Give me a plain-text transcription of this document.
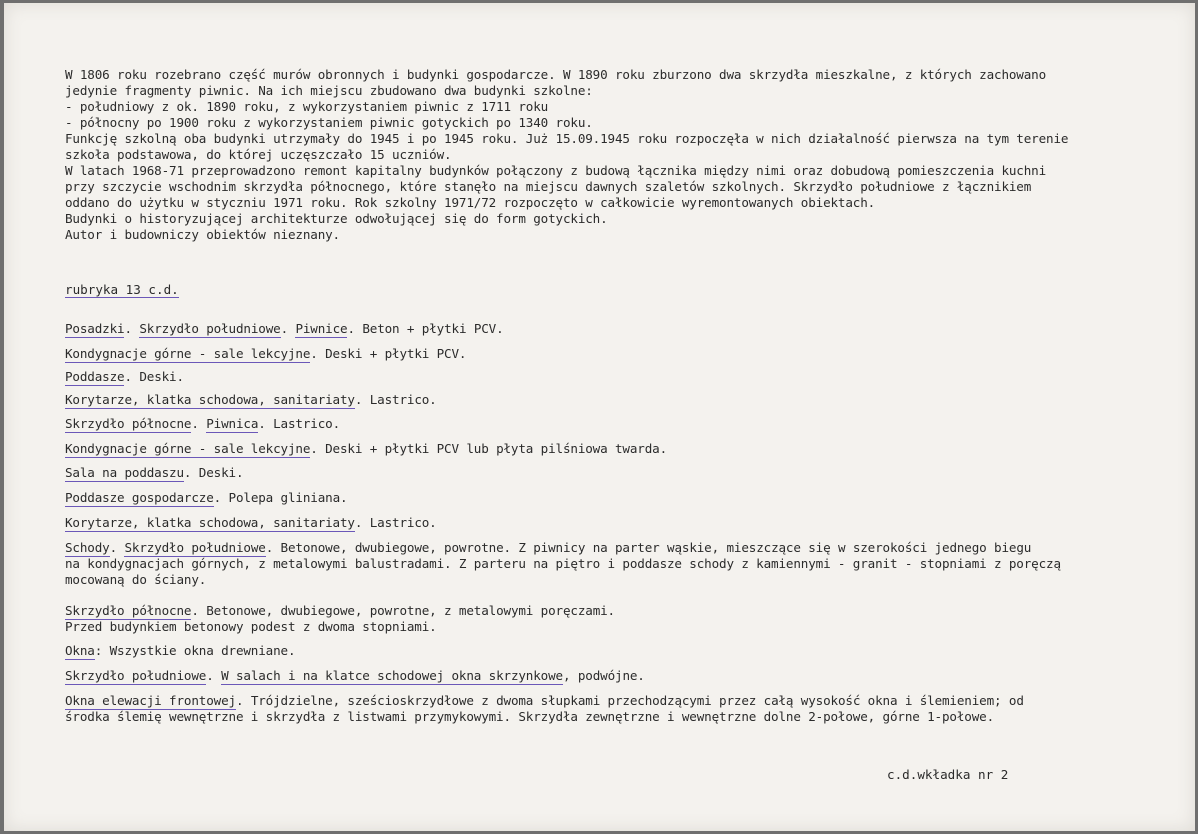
W 1806 roku rozebrano część murów obronnych i budynki gospodarcze. W 1890 roku zburzono dwa skrzydła mieszkalne, z których zachowano
jedynie fragmenty piwnic. Na ich miejscu zbudowano dwa budynki szkolne:
- południowy z ok. 1890 roku, z wykorzystaniem piwnic z 1711 roku
- północny po 1900 roku z wykorzystaniem piwnic gotyckich po 1340 roku.
Funkcję szkolną oba budynki utrzymały do 1945 i po 1945 roku. Już 15.09.1945 roku rozpoczęła w nich działalność pierwsza na tym terenie
szkoła podstawowa, do której uczęszczało 15 uczniów.
W latach 1968-71 przeprowadzono remont kapitalny budynków połączony z budową łącznika między nimi oraz dobudową pomieszczenia kuchni
przy szczycie wschodnim skrzydła północnego, które stanęło na miejscu dawnych szaletów szkolnych. Skrzydło południowe z łącznikiem
oddano do użytku w styczniu 1971 roku. Rok szkolny 1971/72 rozpoczęto w całkowicie wyremontowanych obiektach.
Budynki o historyzującej architekturze odwołującej się do form gotyckich.
Autor i budowniczy obiektów nieznany.
rubryka 13 c.d.
Posadzki. Skrzydło południowe. Piwnice. Beton + płytki PCV.
Kondygnacje górne - sale lekcyjne. Deski + płytki PCV.
Poddasze. Deski.
Korytarze, klatka schodowa, sanitariaty. Lastrico.
Skrzydło północne. Piwnica. Lastrico.
Kondygnacje górne - sale lekcyjne. Deski + płytki PCV lub płyta pilśniowa twarda.
Sala na poddaszu. Deski.
Poddasze gospodarcze. Polepa gliniana.
Korytarze, klatka schodowa, sanitariaty. Lastrico.
Schody. Skrzydło południowe. Betonowe, dwubiegowe, powrotne. Z piwnicy na parter wąskie, mieszczące się w szerokości jednego biegu
na kondygnacjach górnych, z metalowymi balustradami. Z parteru na piętro i poddasze schody z kamiennymi - granit - stopniami z poręczą
mocowaną do ściany.
Skrzydło północne. Betonowe, dwubiegowe, powrotne, z metalowymi poręczami.
Przed budynkiem betonowy podest z dwoma stopniami.
Okna: Wszystkie okna drewniane.
Skrzydło południowe. W salach i na klatce schodowej okna skrzynkowe, podwójne.
Okna elewacji frontowej. Trójdzielne, sześcioskrzydłowe z dwoma słupkami przechodzącymi przez całą wysokość okna i ślemieniem; od
środka ślemię wewnętrzne i skrzydła z listwami przymykowymi. Skrzydła zewnętrzne i wewnętrzne dolne 2-połowe, górne 1-połowe.
c.d.wkładka nr 2
